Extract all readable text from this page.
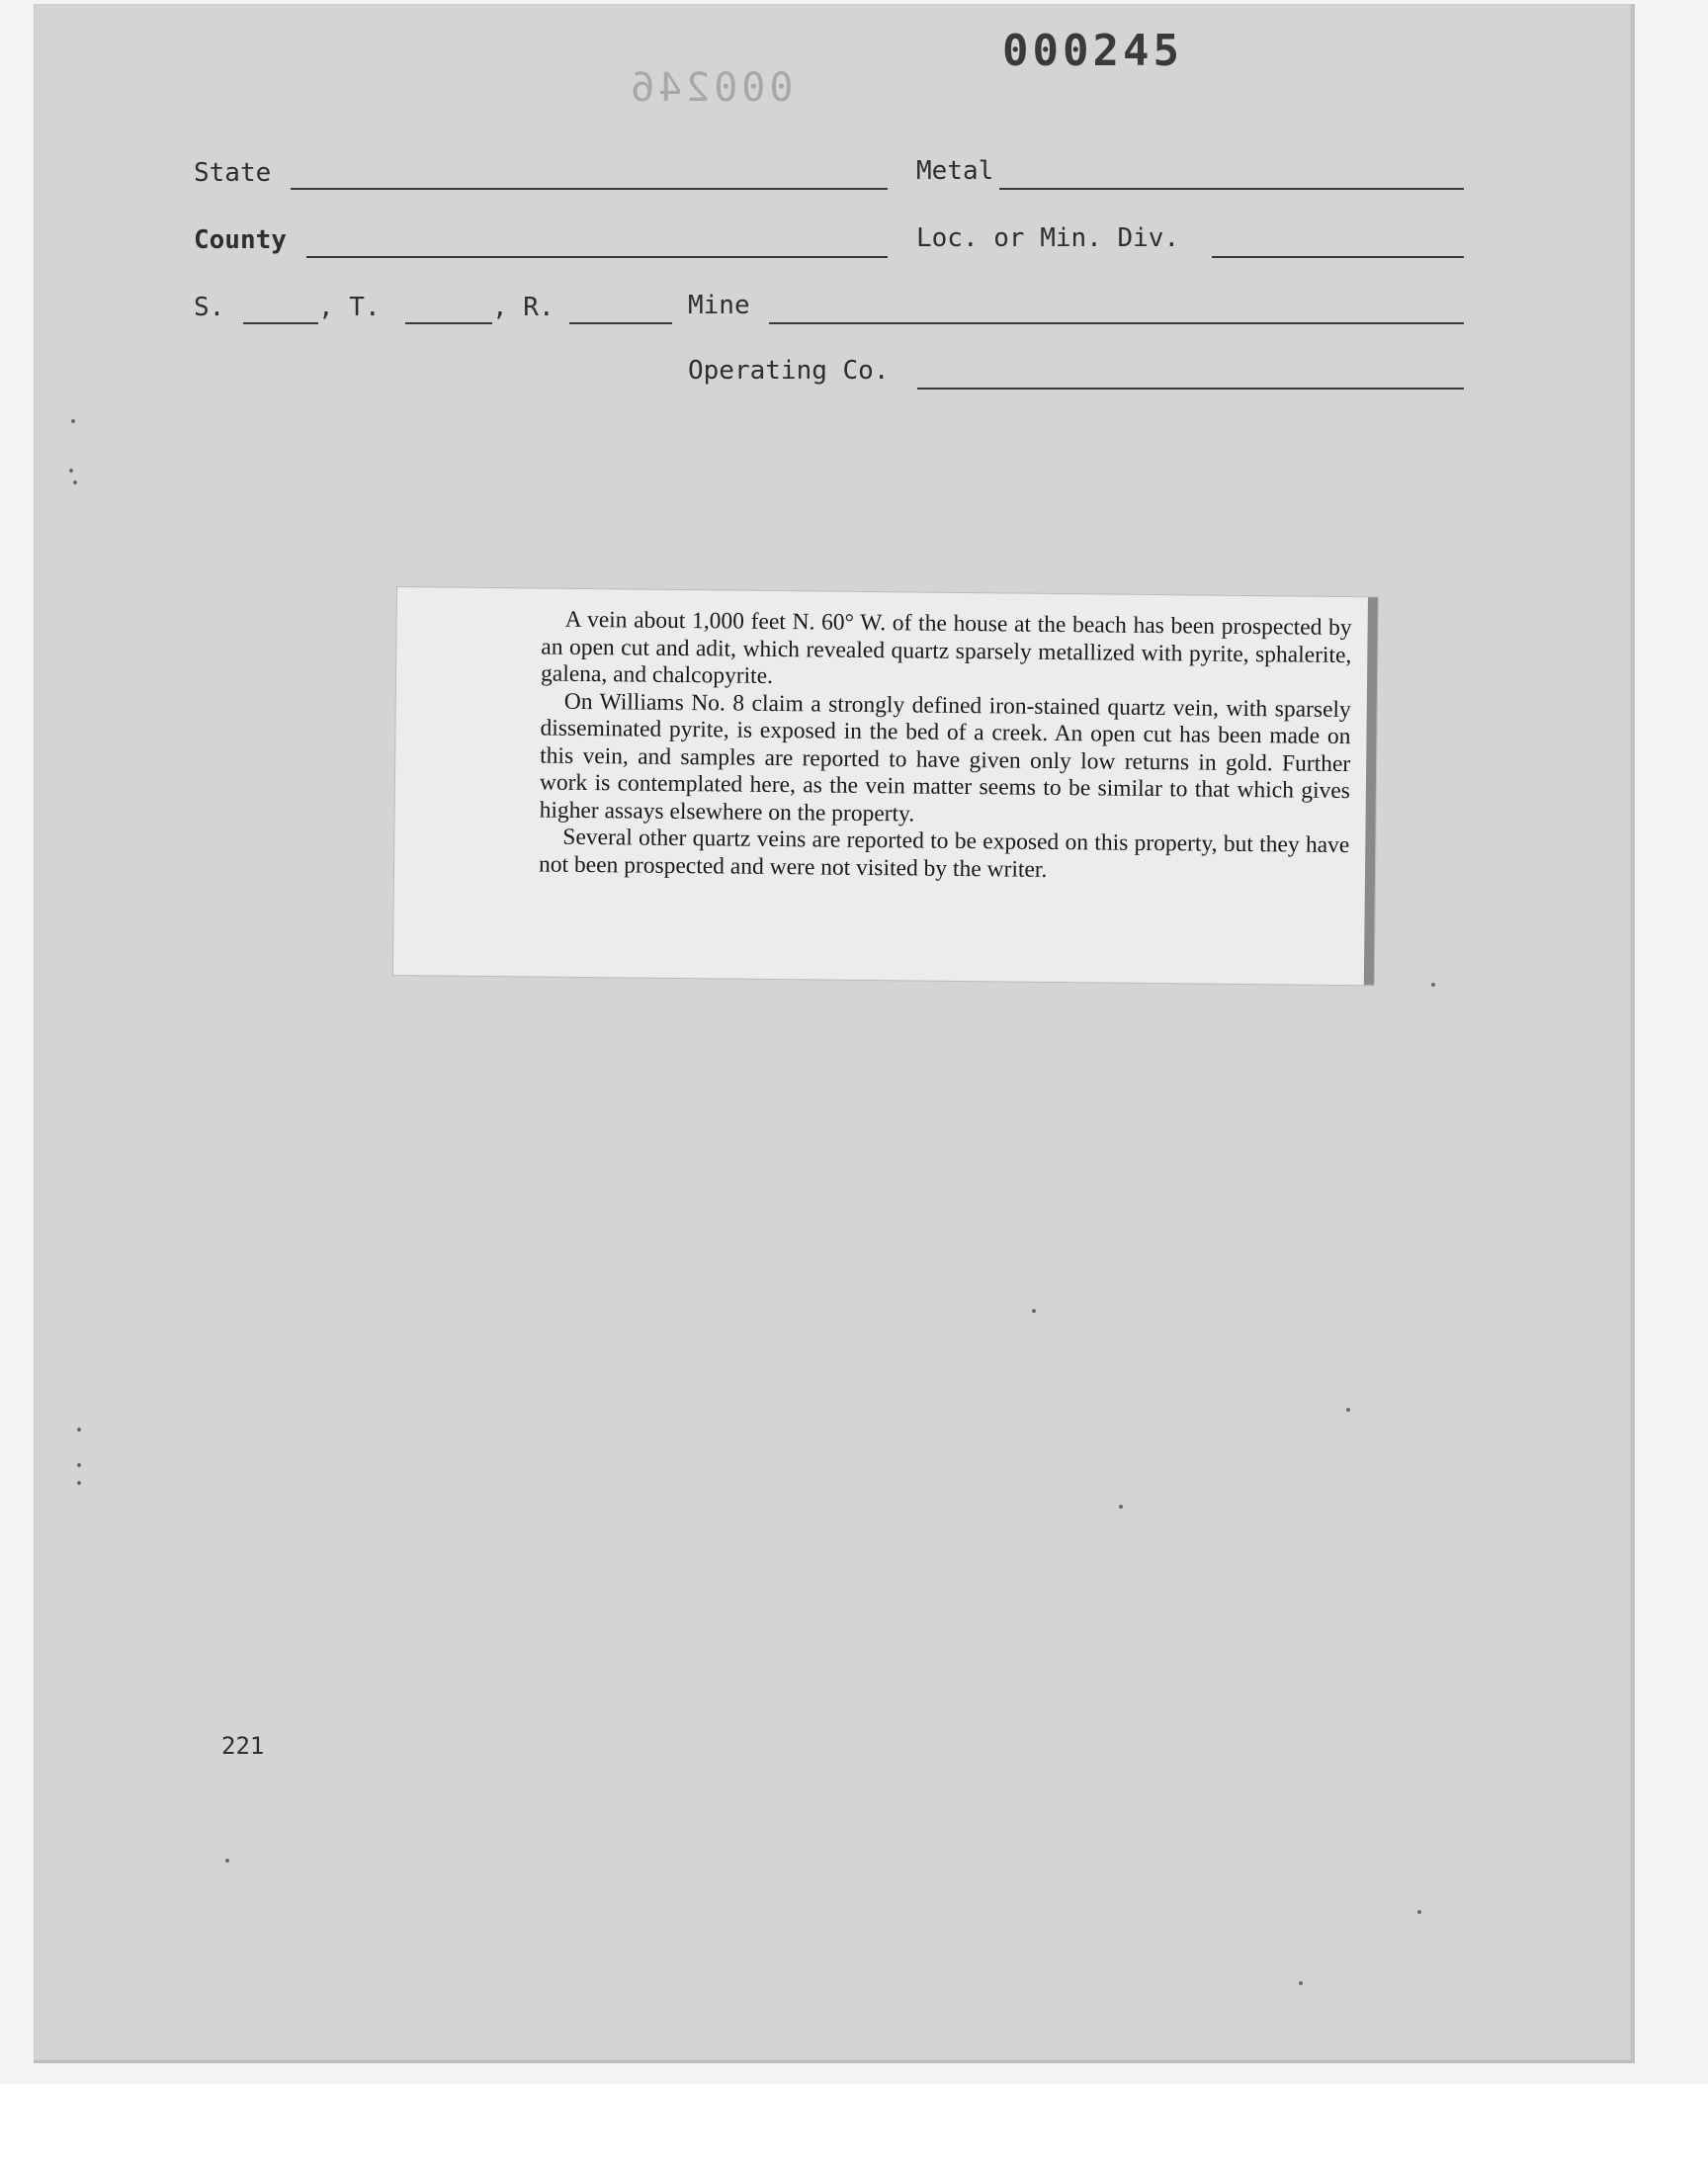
000245
000246
State	Metal
County	Loc. or Min. Div.
S.	, T.	, R.	Mine
Operating Co.

A vein about 1,000 feet N. 60° W. of the house at the beach has been prospected by an open cut and adit, which revealed quartz sparsely metallized with pyrite, sphalerite, galena, and chalcopyrite.

On Williams No. 8 claim a strongly defined iron-stained quartz vein, with sparsely disseminated pyrite, is exposed in the bed of a creek. An open cut has been made on this vein, and samples are reported to have given only low returns in gold. Further work is contemplated here, as the vein matter seems to be similar to that which gives higher assays elsewhere on the property.

Several other quartz veins are reported to be exposed on this property, but they have not been prospected and were not visited by the writer.

221
